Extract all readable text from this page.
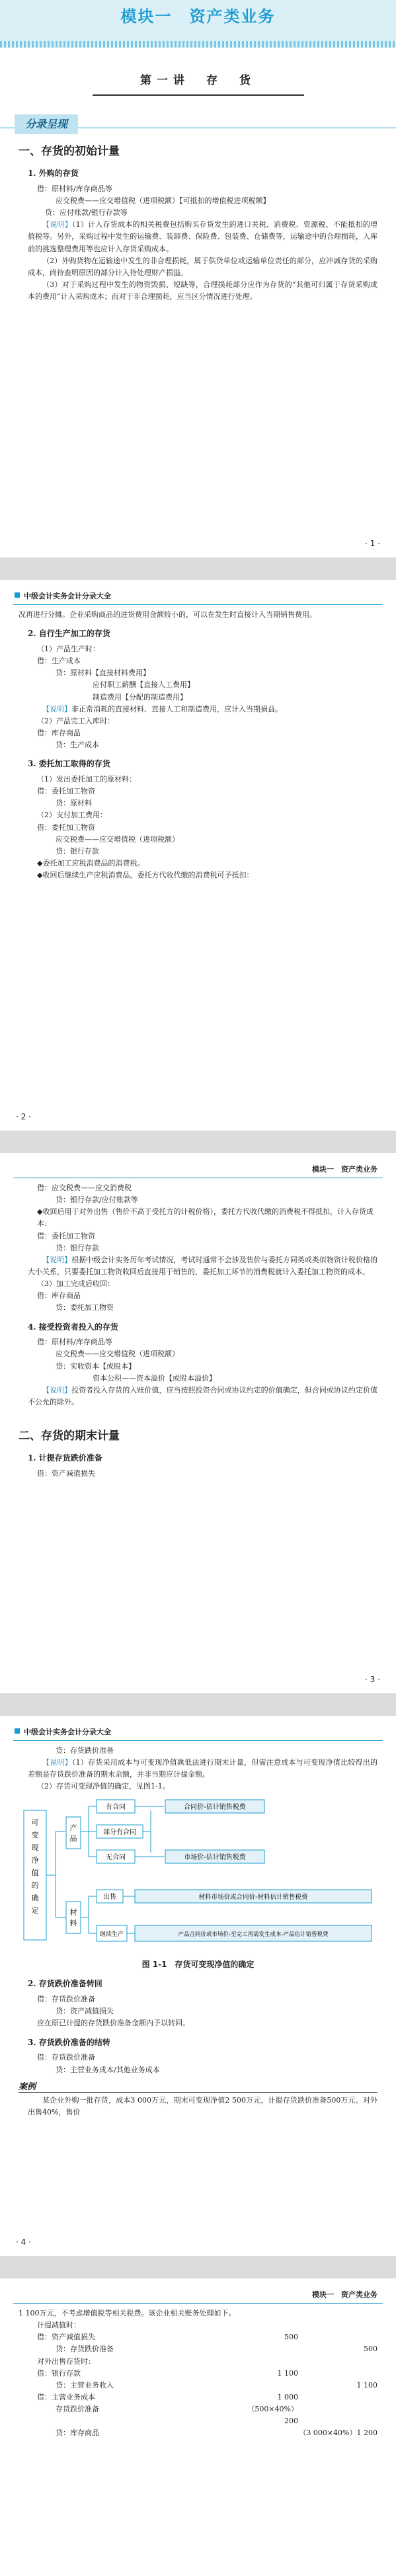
模块一　资产类业务
第一讲　存　货
分录呈现
一、存货的初始计量
1. 外购的存货
借：原材料/库存商品等
应交税费——应交增值税（进项税额）【可抵扣的增值税进项税额】
贷：应付账款/银行存款等
【说明】（1）计入存货成本的相关税费包括购买存货发生的进口关税、消费税、资源税、不能抵扣的增值税等。另外，采购过程中发生的运输费、装卸费、保险费、包装费、仓储费等，运输途中的合理损耗，入库前的挑选整理费用等也应计入存货采购成本。
（2）外购货物在运输途中发生的非合理损耗，属于供货单位或运输单位责任的部分，应冲减存货的采购成本，尚待查明原因的部分计入待处理财产损溢。
（3）对于采购过程中发生的物资毁损、短缺等，合理损耗部分应作为存货的“其他可归属于存货采购成本的费用”计入采购成本；而对于非合理损耗，应当区分情况进行处理。
· 1 ·
中级会计实务会计分录大全
况再进行分摊。企业采购商品的进货费用金额较小的，可以在发生时直接计入当期销售费用。
2. 自行生产加工的存货
（1）产品生产时：
借：生产成本
贷：原材料【直接材料费用】
应付职工薪酬【直接人工费用】
制造费用【分配的制造费用】
【说明】非正常消耗的直接材料、直接人工和制造费用，应计入当期损益。
（2）产品完工入库时：
借：库存商品
贷：生产成本
3. 委托加工取得的存货
（1）发出委托加工的原材料：
借：委托加工物资
贷：原材料
（2）支付加工费用：
借：委托加工物资
应交税费——应交增值税（进项税额）
贷：银行存款
◆委托加工应税消费品的消费税。
◆收回后继续生产应税消费品，委托方代收代缴的消费税可予抵扣：
· 2 ·
模块一　资产类业务
借：应交税费——应交消费税
贷：银行存款/应付账款等
◆收回后用于对外出售（售价不高于受托方的计税价格），委托方代收代缴的消费税不得抵扣，计入存货成本：
借：委托加工物资
贷：银行存款
【说明】根据中级会计实务历年考试情况，考试时通常不会涉及售价与委托方同类或类似物资计税价格的大小关系，只要委托加工物资收回后直接用于销售的，委托加工环节的消费税就计入委托加工物资的成本。
（3）加工完成后收回：
借：库存商品
贷：委托加工物资
4. 接受投资者投入的存货
借：原材料/库存商品等
应交税费——应交增值税（进项税额）
贷：实收资本【或股本】
资本公积——资本溢价【或股本溢价】
【说明】投资者投入存货的入账价值，应当按照投资合同或协议约定的价值确定，但合同或协议约定价值不公允的除外。
二、存货的期末计量
1. 计提存货跌价准备
借：资产减值损失
· 3 ·
中级会计实务会计分录大全
贷：存货跌价准备
【说明】（1）存货采用成本与可变现净值孰低法进行期末计量，但需注意成本与可变现净值比较得出的差额是存货跌价准备的期末余额，并非当期应计提金额。
（2）存货可变现净值的确定，见图1-1。
可
变
现
净
值
的
确
定
产品
材料
有合同
部分有合同
无合同
合同价-估计销售税费
市场价-估计销售税费
出售
继续生产
材料市场价或合同价-材料估计销售税费
产品合同价或市场价-至完工再需发生成本-产品估计销售税费
图 1-1　存货可变现净值的确定
2. 存货跌价准备转回
借：存货跌价准备
贷：资产减值损失
应在原已计提的存货跌价准备金额内予以转回。
3. 存货跌价准备的结转
借：存货跌价准备
贷：主营业务成本/其他业务成本
案例
某企业外购一批存货，成本3 000万元，期末可变现净值2 500万元，计提存货跌价准备500万元。对外出售40%，售价
· 4 ·
模块一　资产类业务
1 100万元，不考虑增值税等相关税费。该企业相关账务处理如下。
计提减值时：
借：资产减值损失	500
贷：存货跌价准备	500
对外出售存货时：
借：银行存款	1 100
贷：主营业务收入	1 100
借：主营业务成本	1 000
存货跌价准备	（500×40%）200
贷：库存商品	（3 000×40%）1 200
